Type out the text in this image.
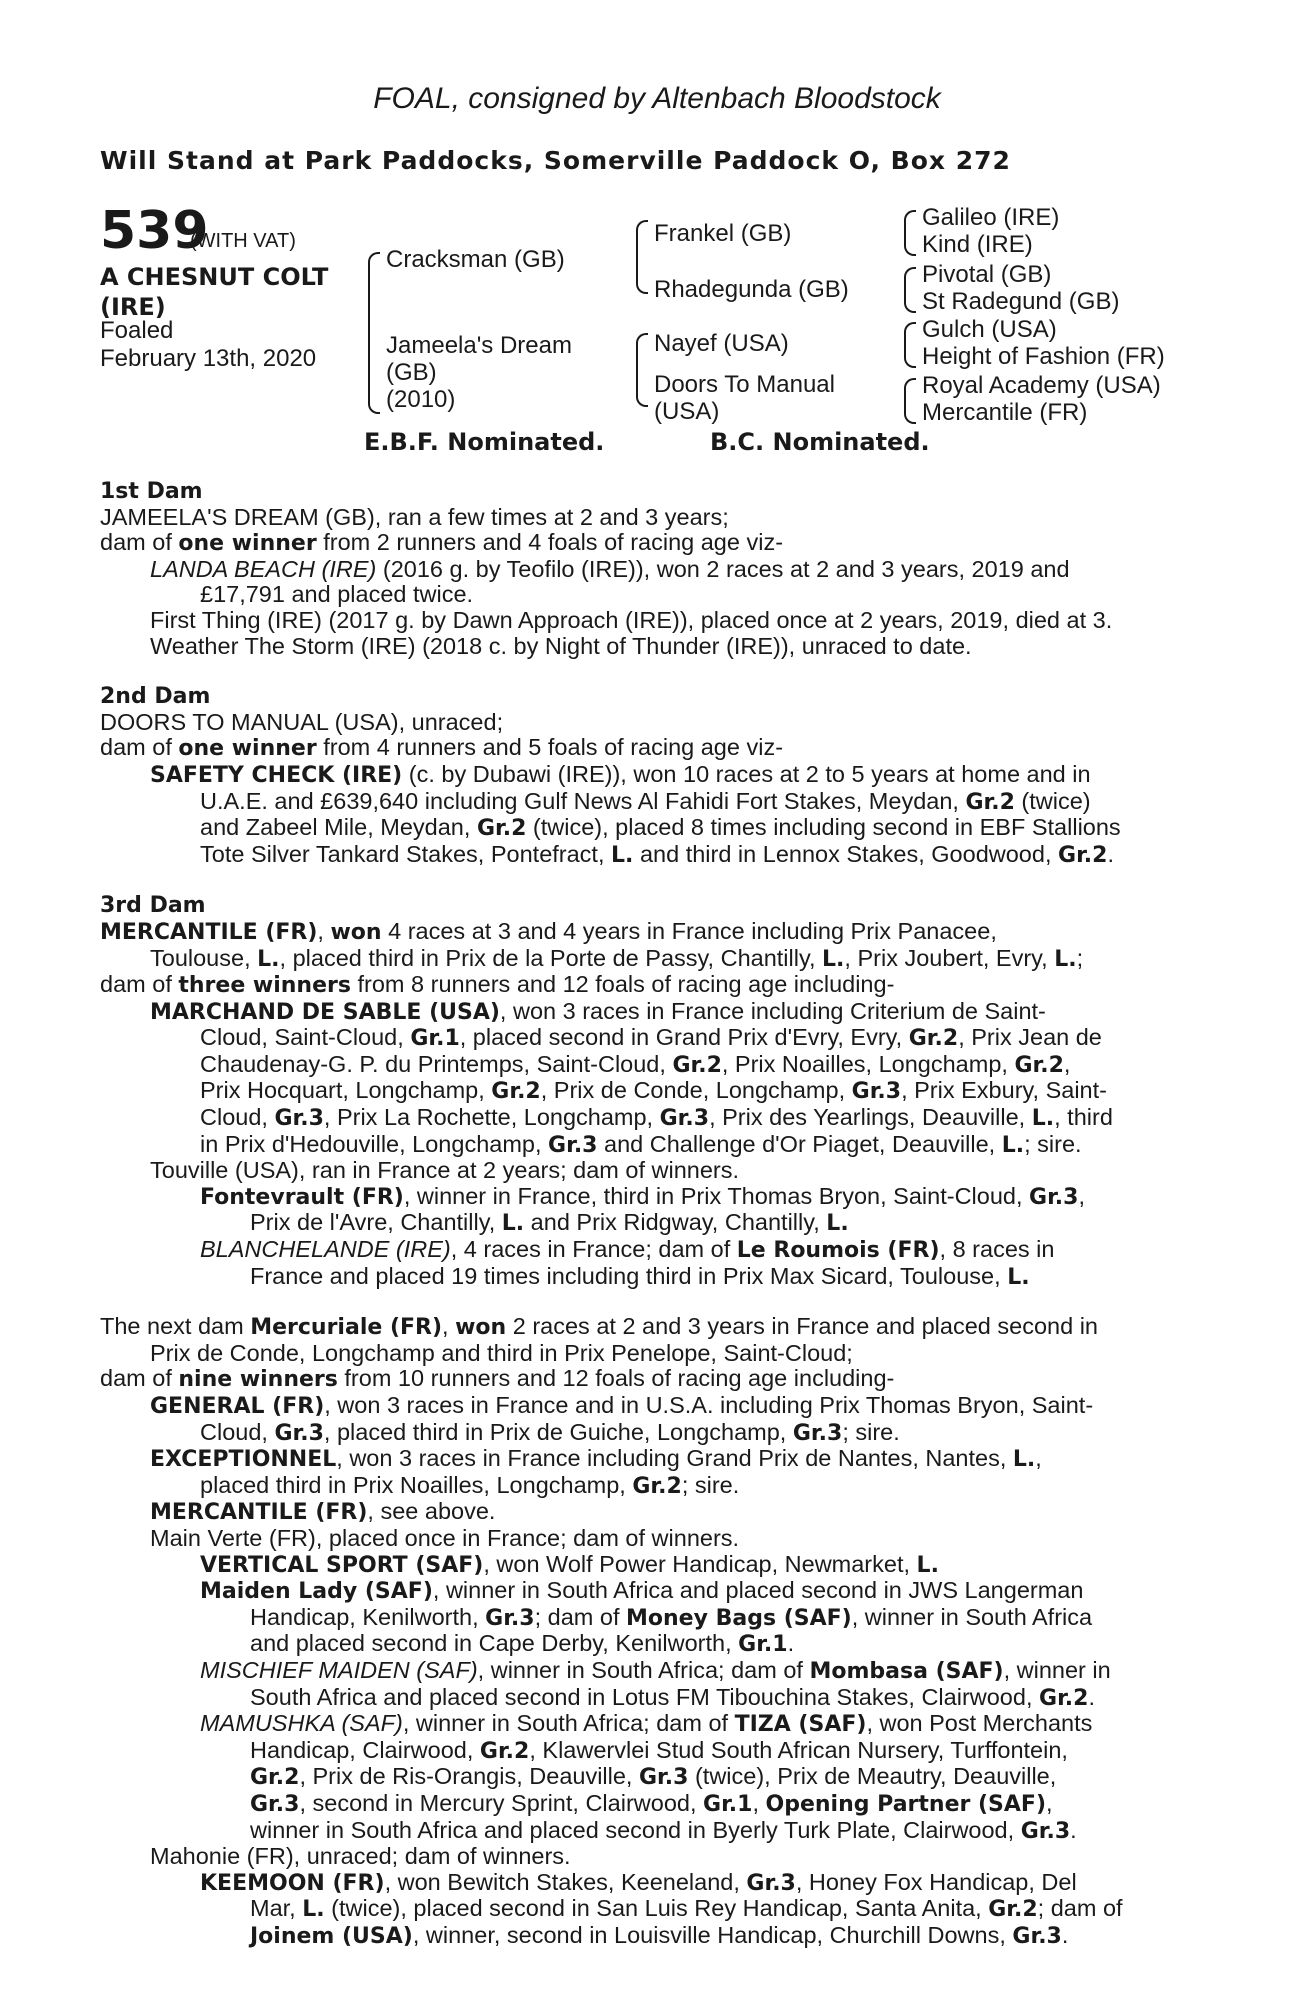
FOAL, consigned by Altenbach Bloodstock
Will Stand at Park Paddocks, Somerville Paddock O, Box 272
539
(WITH VAT)
A CHESNUT COLT
(IRE)
Foaled
February 13th, 2020
Cracksman (GB)
Jameela's Dream
(GB)
(2010)
Frankel (GB)
Rhadegunda (GB)
Nayef (USA)
Doors To Manual
(USA)
Galileo (IRE)
Kind (IRE)
Pivotal (GB)
St Radegund (GB)
Gulch (USA)
Height of Fashion (FR)
Royal Academy (USA)
Mercantile (FR)
E.B.F. Nominated.	B.C. Nominated.

1st Dam

JAMEELA'S DREAM (GB), ran a few times at 2 and 3 years;

dam of one winner from 2 runners and 4 foals of racing age viz-

LANDA BEACH (IRE) (2016 g. by Teofilo (IRE)), won 2 races at 2 and 3 years, 2019 and

£17,791 and placed twice.

First Thing (IRE) (2017 g. by Dawn Approach (IRE)), placed once at 2 years, 2019, died at 3.

Weather The Storm (IRE) (2018 c. by Night of Thunder (IRE)), unraced to date.

2nd Dam

DOORS TO MANUAL (USA), unraced;

dam of one winner from 4 runners and 5 foals of racing age viz-

SAFETY CHECK (IRE) (c. by Dubawi (IRE)), won 10 races at 2 to 5 years at home and in

U.A.E. and £639,640 including Gulf News Al Fahidi Fort Stakes, Meydan, Gr.2 (twice)

and Zabeel Mile, Meydan, Gr.2 (twice), placed 8 times including second in EBF Stallions

Tote Silver Tankard Stakes, Pontefract, L. and third in Lennox Stakes, Goodwood, Gr.2.

3rd Dam

MERCANTILE (FR), won 4 races at 3 and 4 years in France including Prix Panacee,

Toulouse, L., placed third in Prix de la Porte de Passy, Chantilly, L., Prix Joubert, Evry, L.;

dam of three winners from 8 runners and 12 foals of racing age including-

MARCHAND DE SABLE (USA), won 3 races in France including Criterium de Saint-

Cloud, Saint-Cloud, Gr.1, placed second in Grand Prix d'Evry, Evry, Gr.2, Prix Jean de

Chaudenay-G. P. du Printemps, Saint-Cloud, Gr.2, Prix Noailles, Longchamp, Gr.2,

Prix Hocquart, Longchamp, Gr.2, Prix de Conde, Longchamp, Gr.3, Prix Exbury, Saint-

Cloud, Gr.3, Prix La Rochette, Longchamp, Gr.3, Prix des Yearlings, Deauville, L., third

in Prix d'Hedouville, Longchamp, Gr.3 and Challenge d'Or Piaget, Deauville, L.; sire.

Touville (USA), ran in France at 2 years; dam of winners.

Fontevrault (FR), winner in France, third in Prix Thomas Bryon, Saint-Cloud, Gr.3,

Prix de l'Avre, Chantilly, L. and Prix Ridgway, Chantilly, L.

BLANCHELANDE (IRE), 4 races in France; dam of Le Roumois (FR), 8 races in

France and placed 19 times including third in Prix Max Sicard, Toulouse, L.

The next dam Mercuriale (FR), won 2 races at 2 and 3 years in France and placed second in

Prix de Conde, Longchamp and third in Prix Penelope, Saint-Cloud;

dam of nine winners from 10 runners and 12 foals of racing age including-

GENERAL (FR), won 3 races in France and in U.S.A. including Prix Thomas Bryon, Saint-

Cloud, Gr.3, placed third in Prix de Guiche, Longchamp, Gr.3; sire.

EXCEPTIONNEL, won 3 races in France including Grand Prix de Nantes, Nantes, L.,

placed third in Prix Noailles, Longchamp, Gr.2; sire.

MERCANTILE (FR), see above.

Main Verte (FR), placed once in France; dam of winners.

VERTICAL SPORT (SAF), won Wolf Power Handicap, Newmarket, L.

Maiden Lady (SAF), winner in South Africa and placed second in JWS Langerman

Handicap, Kenilworth, Gr.3; dam of Money Bags (SAF), winner in South Africa

and placed second in Cape Derby, Kenilworth, Gr.1.

MISCHIEF MAIDEN (SAF), winner in South Africa; dam of Mombasa (SAF), winner in

South Africa and placed second in Lotus FM Tibouchina Stakes, Clairwood, Gr.2.

MAMUSHKA (SAF), winner in South Africa; dam of TIZA (SAF), won Post Merchants

Handicap, Clairwood, Gr.2, Klawervlei Stud South African Nursery, Turffontein,

Gr.2, Prix de Ris-Orangis, Deauville, Gr.3 (twice), Prix de Meautry, Deauville,

Gr.3, second in Mercury Sprint, Clairwood, Gr.1, Opening Partner (SAF),

winner in South Africa and placed second in Byerly Turk Plate, Clairwood, Gr.3.

Mahonie (FR), unraced; dam of winners.

KEEMOON (FR), won Bewitch Stakes, Keeneland, Gr.3, Honey Fox Handicap, Del

Mar, L. (twice), placed second in San Luis Rey Handicap, Santa Anita, Gr.2; dam of

Joinem (USA), winner, second in Louisville Handicap, Churchill Downs, Gr.3.
